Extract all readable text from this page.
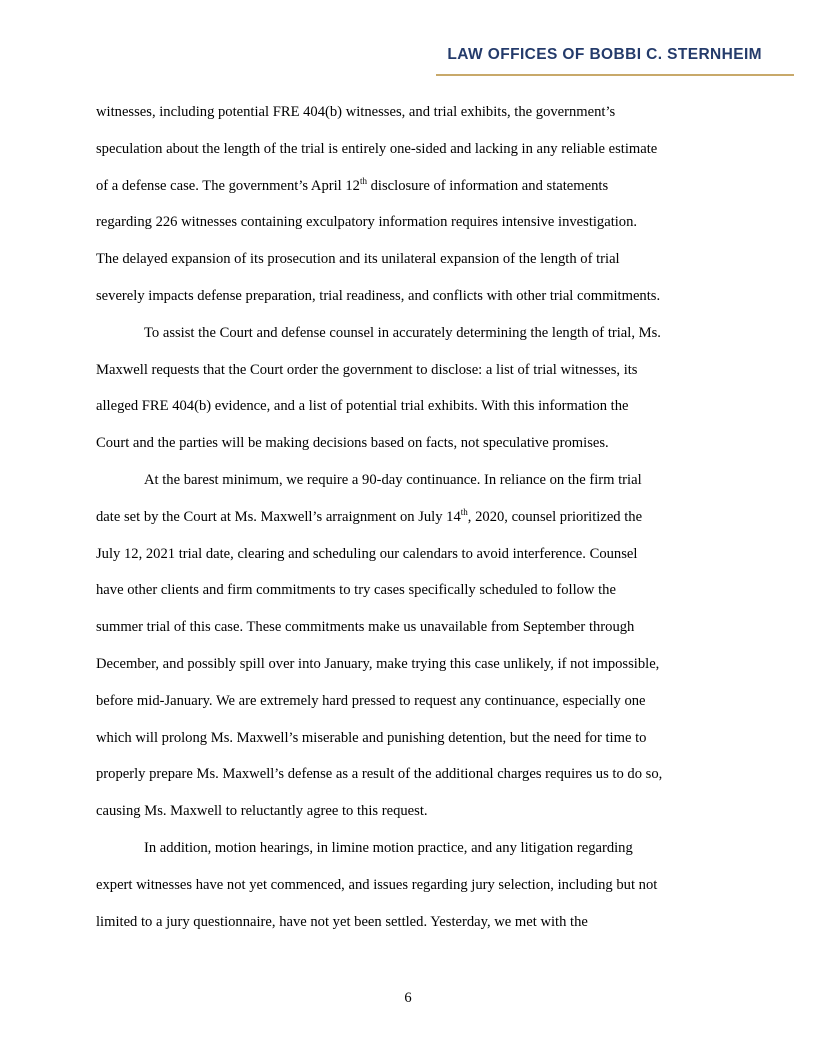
LAW OFFICES OF BOBBI C. STERNHEIM
witnesses, including potential FRE 404(b) witnesses, and trial exhibits, the government’s
speculation about the length of the trial is entirely one-sided and lacking in any reliable estimate
of a defense case. The government’s April 12th disclosure of information and statements
regarding 226 witnesses containing exculpatory information requires intensive investigation.
The delayed expansion of its prosecution and its unilateral expansion of the length of trial
severely impacts defense preparation, trial readiness, and conflicts with other trial commitments.
To assist the Court and defense counsel in accurately determining the length of trial, Ms.
Maxwell requests that the Court order the government to disclose: a list of trial witnesses, its
alleged FRE 404(b) evidence, and a list of potential trial exhibits. With this information the
Court and the parties will be making decisions based on facts, not speculative promises.
At the barest minimum, we require a 90-day continuance. In reliance on the firm trial
date set by the Court at Ms. Maxwell’s arraignment on July 14th, 2020, counsel prioritized the
July 12, 2021 trial date, clearing and scheduling our calendars to avoid interference. Counsel
have other clients and firm commitments to try cases specifically scheduled to follow the
summer trial of this case. These commitments make us unavailable from September through
December, and possibly spill over into January, make trying this case unlikely, if not impossible,
before mid-January. We are extremely hard pressed to request any continuance, especially one
which will prolong Ms. Maxwell’s miserable and punishing detention, but the need for time to
properly prepare Ms. Maxwell’s defense as a result of the additional charges requires us to do so,
causing Ms. Maxwell to reluctantly agree to this request.
In addition, motion hearings, in limine motion practice, and any litigation regarding
expert witnesses have not yet commenced, and issues regarding jury selection, including but not
limited to a jury questionnaire, have not yet been settled. Yesterday, we met with the
6
